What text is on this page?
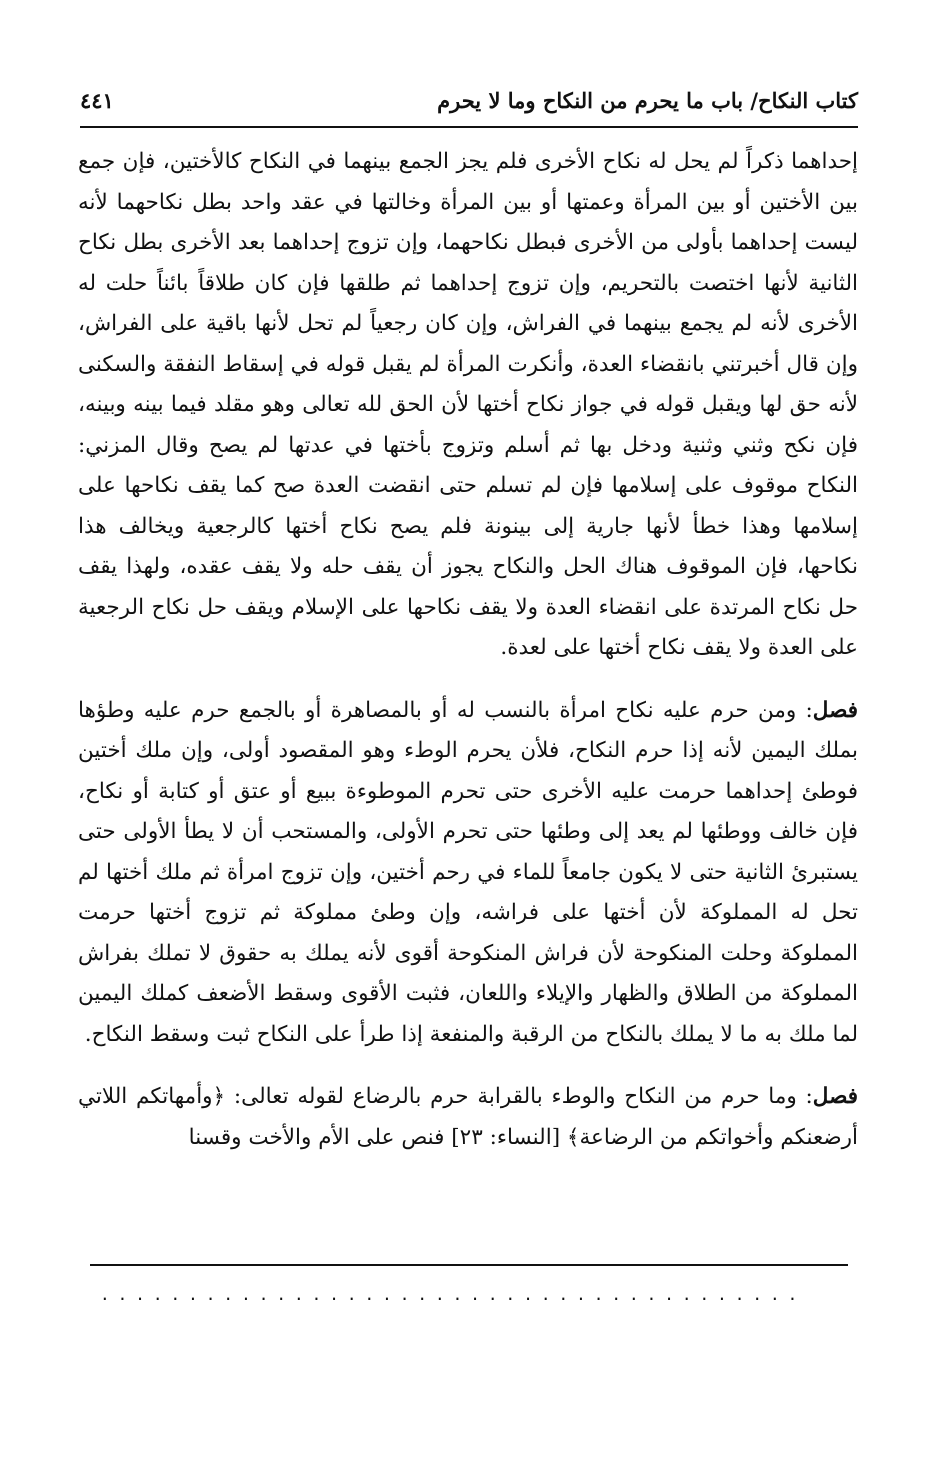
كتاب النكاح/ باب ما يحرم من النكاح وما لا يحرم
٤٤١

إحداهما ذكراً لم يحل له نكاح الأخرى فلم يجز الجمع بينهما في النكاح كالأختين، فإن جمع بين الأختين أو بين المرأة وعمتها أو بين المرأة وخالتها في عقد واحد بطل نكاحهما لأنه ليست إحداهما بأولى من الأخرى فبطل نكاحهما، وإن تزوج إحداهما بعد الأخرى بطل نكاح الثانية لأنها اختصت بالتحريم، وإن تزوج إحداهما ثم طلقها فإن كان طلاقاً بائناً حلت له الأخرى لأنه لم يجمع بينهما في الفراش، وإن كان رجعياً لم تحل لأنها باقية على الفراش، وإن قال أخبرتني بانقضاء العدة، وأنكرت المرأة لم يقبل قوله في إسقاط النفقة والسكنى لأنه حق لها ويقبل قوله في جواز نكاح أختها لأن الحق لله تعالى وهو مقلد فيما بينه وبينه، فإن نكح وثني وثنية ودخل بها ثم أسلم وتزوج بأختها في عدتها لم يصح وقال المزني: النكاح موقوف على إسلامها فإن لم تسلم حتى انقضت العدة صح كما يقف نكاحها على إسلامها وهذا خطأ لأنها جارية إلى بينونة فلم يصح نكاح أختها كالرجعية ويخالف هذا نكاحها، فإن الموقوف هناك الحل والنكاح يجوز أن يقف حله ولا يقف عقده، ولهذا يقف حل نكاح المرتدة على انقضاء العدة ولا يقف نكاحها على الإسلام ويقف حل نكاح الرجعية على العدة ولا يقف نكاح أختها على لعدة.

فصل: ومن حرم عليه نكاح امرأة بالنسب له أو بالمصاهرة أو بالجمع حرم عليه وطؤها بملك اليمين لأنه إذا حرم النكاح، فلأن يحرم الوطء وهو المقصود أولى، وإن ملك أختين فوطئ إحداهما حرمت عليه الأخرى حتى تحرم الموطوءة ببيع أو عتق أو كتابة أو نكاح، فإن خالف ووطئها لم يعد إلى وطئها حتى تحرم الأولى، والمستحب أن لا يطأ الأولى حتى يستبرئ الثانية حتى لا يكون جامعاً للماء في رحم أختين، وإن تزوج امرأة ثم ملك أختها لم تحل له المملوكة لأن أختها على فراشه، وإن وطئ مملوكة ثم تزوج أختها حرمت المملوكة وحلت المنكوحة لأن فراش المنكوحة أقوى لأنه يملك به حقوق لا تملك بفراش المملوكة من الطلاق والظهار والإيلاء واللعان، فثبت الأقوى وسقط الأضعف كملك اليمين لما ملك به ما لا يملك بالنكاح من الرقبة والمنفعة إذا طرأ على النكاح ثبت وسقط النكاح.

فصل: وما حرم من النكاح والوطء بالقرابة حرم بالرضاع لقوله تعالى: ﴿وأمهاتكم اللاتي أرضعنكم وأخواتكم من الرضاعة﴾ [النساء: ٢٣] فنص على الأم والأخت وقسنا

........................................
